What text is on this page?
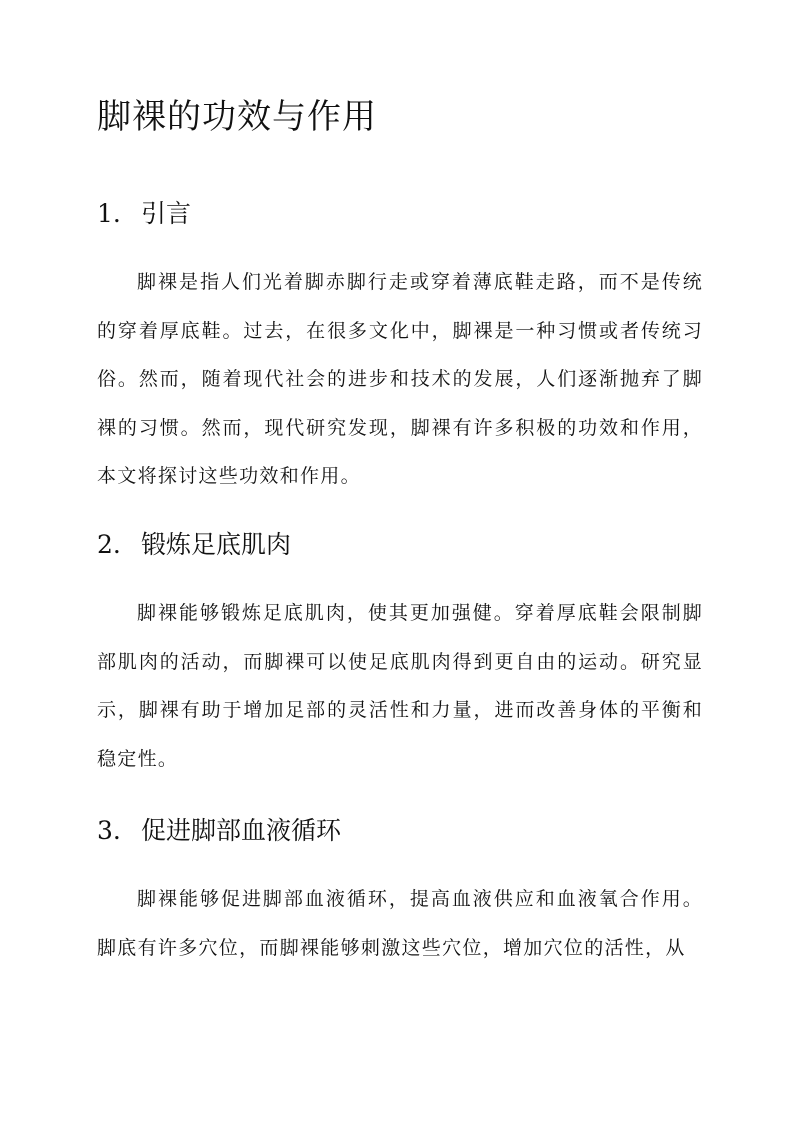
脚裸的功效与作用
1. 引言

脚裸是指人们光着脚赤脚行走或穿着薄底鞋走路，而不是传统的穿着厚底鞋。过去，在很多文化中，脚裸是一种习惯或者传统习俗。然而，随着现代社会的进步和技术的发展，人们逐渐抛弃了脚裸的习惯。然而，现代研究发现，脚裸有许多积极的功效和作用，本文将探讨这些功效和作用。

2. 锻炼足底肌肉

脚裸能够锻炼足底肌肉，使其更加强健。穿着厚底鞋会限制脚部肌肉的活动，而脚裸可以使足底肌肉得到更自由的运动。研究显示，脚裸有助于增加足部的灵活性和力量，进而改善身体的平衡和稳定性。

3. 促进脚部血液循环

脚裸能够促进脚部血液循环，提高血液供应和血液氧合作用。脚底有许多穴位，而脚裸能够刺激这些穴位，增加穴位的活性，从
